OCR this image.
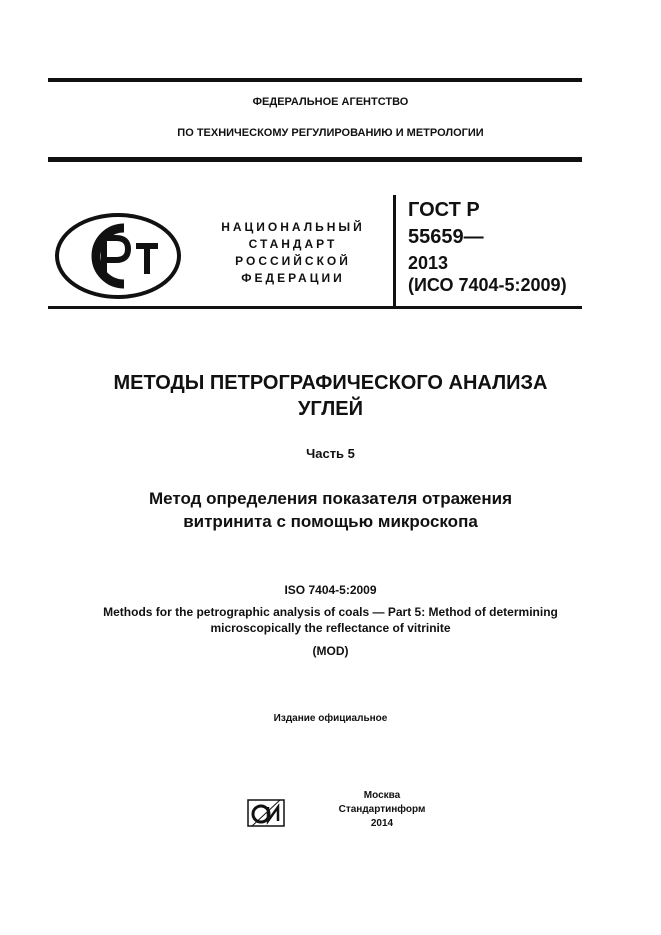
ФЕДЕРАЛЬНОЕ АГЕНТСТВО
ПО ТЕХНИЧЕСКОМУ РЕГУЛИРОВАНИЮ И МЕТРОЛОГИИ
НАЦИОНАЛЬНЫЙ
СТАНДАРТ
РОССИЙСКОЙ
ФЕДЕРАЦИИ
ГОСТ Р
55659—
2013
(ИСО 7404-5:2009)
МЕТОДЫ ПЕТРОГРАФИЧЕСКОГО АНАЛИЗА
УГЛЕЙ
Часть 5
Метод определения показателя отражения
витринита с помощью микроскопа
ISO 7404-5:2009
Methods for the petrographic analysis of coals — Part 5: Method of determining
microscopically the reflectance of vitrinite
(MOD)
Издание официальное
Москва
Стандартинформ
2014
